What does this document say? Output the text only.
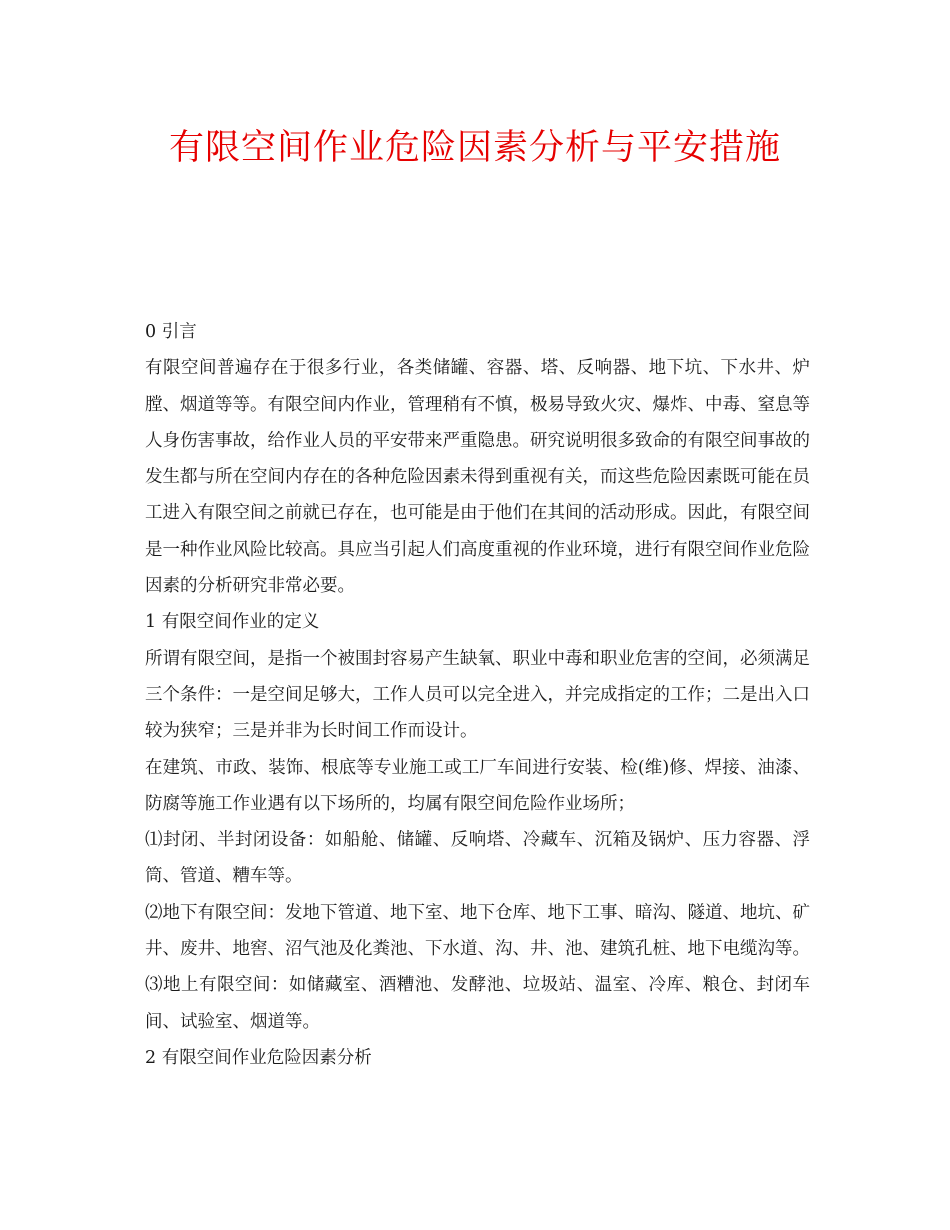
有限空间作业危险因素分析与平安措施

0 引言

有限空间普遍存在于很多行业，各类储罐、容器、塔、反响器、地下坑、下水井、炉膛、烟道等等。有限空间内作业，管理稍有不慎，极易导致火灾、爆炸、中毒、窒息等人身伤害事故，给作业人员的平安带来严重隐患。研究说明很多致命的有限空间事故的发生都与所在空间内存在的各种危险因素未得到重视有关，而这些危险因素既可能在员工进入有限空间之前就已存在，也可能是由于他们在其间的活动形成。因此，有限空间是一种作业风险比较高。具应当引起人们高度重视的作业环境，进行有限空间作业危险因素的分析研究非常必要。

1 有限空间作业的定义

所谓有限空间，是指一个被围封容易产生缺氧、职业中毒和职业危害的空间，必须满足三个条件：一是空间足够大，工作人员可以完全进入，并完成指定的工作；二是出入口较为狭窄；三是并非为长时间工作而设计。

在建筑、市政、装饰、根底等专业施工或工厂车间进行安装、检(维)修、焊接、油漆、防腐等施工作业遇有以下场所的，均属有限空间危险作业场所；

⑴封闭、半封闭设备：如船舱、储罐、反响塔、冷藏车、沉箱及锅炉、压力容器、浮筒、管道、糟车等。

⑵地下有限空间：发地下管道、地下室、地下仓库、地下工事、暗沟、隧道、地坑、矿井、废井、地窖、沼气池及化粪池、下水道、沟、井、池、建筑孔桩、地下电缆沟等。

⑶地上有限空间：如储藏室、酒糟池、发酵池、垃圾站、温室、冷库、粮仓、封闭车间、试验室、烟道等。

2 有限空间作业危险因素分析
